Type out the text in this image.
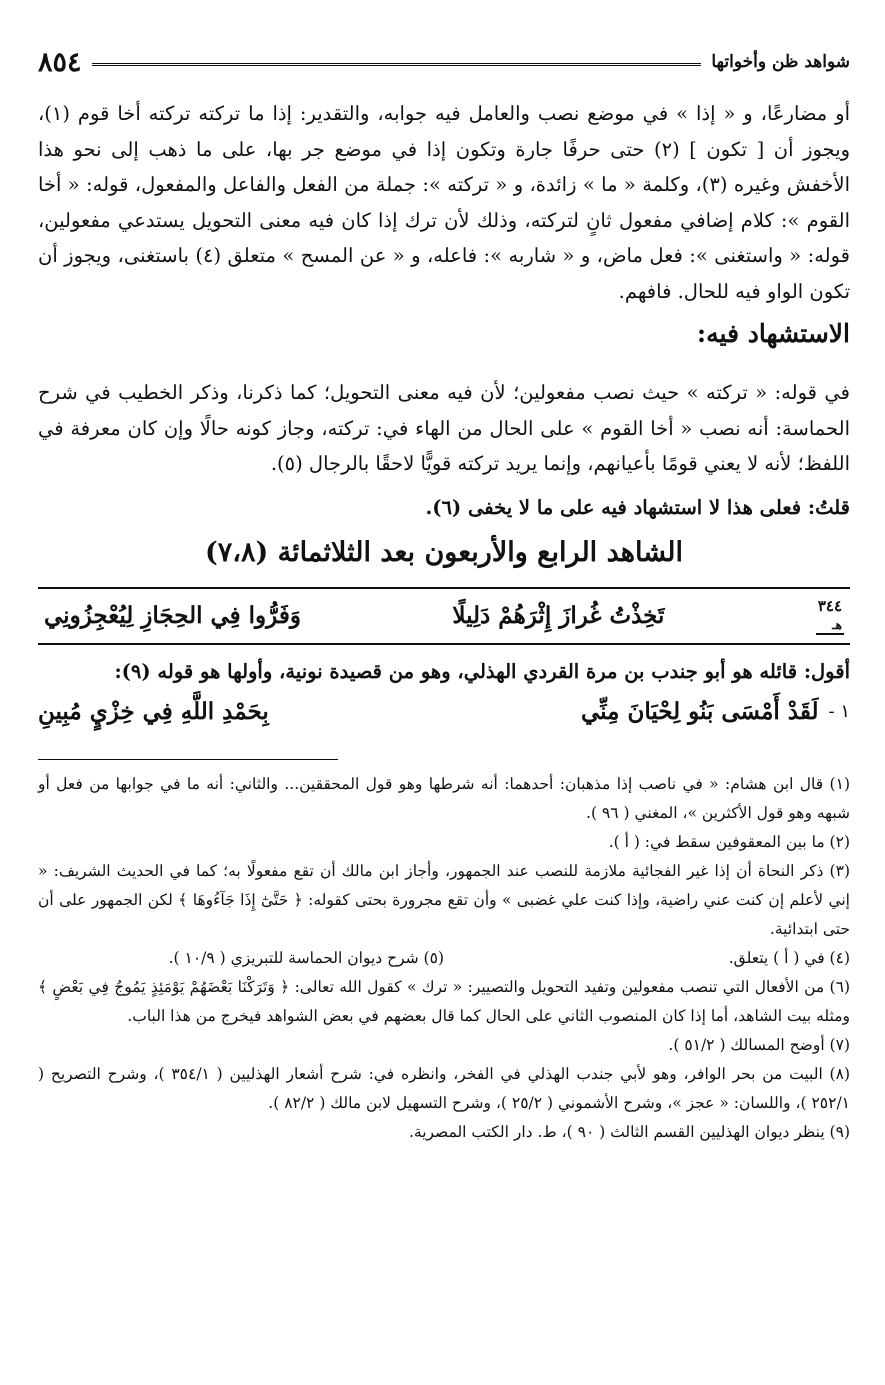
شواهد ظن وأخواتها
٨٥٤

أو مضارعًا، و « إذا » في موضع نصب والعامل فيه جوابه، والتقدير: إذا ما تركته تركته أخا قوم (١)، ويجوز أن [ تكون ] (٢) حتى حرفًا جارة وتكون إذا في موضع جر بها، على ما ذهب إلى نحو هذا الأخفش وغيره (٣)، وكلمة « ما » زائدة، و « تركته »: جملة من الفعل والفاعل والمفعول، قوله: « أخا القوم »: كلام إضافي مفعول ثانٍ لتركته، وذلك لأن ترك إذا كان فيه معنى التحويل يستدعي مفعولين، قوله: « واستغنى »: فعل ماض، و « شاربه »: فاعله، و « عن المسح » متعلق (٤) باستغنى، ويجوز أن تكون الواو فيه للحال. فافهم.

الاستشهاد فيه:

في قوله: « تركته » حيث نصب مفعولين؛ لأن فيه معنى التحويل؛ كما ذكرنا، وذكر الخطيب في شرح الحماسة: أنه نصب « أخا القوم » على الحال من الهاء في: تركته، وجاز كونه حالًا وإن كان معرفة في اللفظ؛ لأنه لا يعني قومًا بأعيانهم، وإنما يريد تركته قويًّا لاحقًا بالرجال (٥).

قلتُ: فعلى هذا لا استشهاد فيه على ما لا يخفى (٦).

الشاهد الرابع والأربعون بعد الثلاثمائة (٧،٨)
٣٤٤
هـ
تَخِذْتُ غُرازَ إِثْرَهُمْ دَلِيلًا
وَفَرُّوا فِي الحِجَازِ لِيُعْجِزُونِي

أقول: قائله هو أبو جندب بن مرة القردي الهذلي، وهو من قصيدة نونية، وأولها هو قوله (٩):

١ -
لَقَدْ أَمْسَى بَنُو لِحْيَانَ مِنِّي
بِحَمْدِ اللَّهِ فِي خِزْيٍ مُبِينِ

(١) قال ابن هشام: « في ناصب إذا مذهبان: أحدهما: أنه شرطها وهو قول المحققين... والثاني: أنه ما في جوابها من فعل أو شبهه وهو قول الأكثرين »، المغني ( ٩٦ ).

(٢) ما بين المعقوفين سقط في: ( أ ).

(٣) ذكر النحاة أن إذا غير الفجائية ملازمة للنصب عند الجمهور، وأجاز ابن مالك أن تقع مفعولًا به؛ كما في الحديث الشريف: « إني لأعلم إن كنت عني راضية، وإذا كنت علي غضبى » وأن تقع مجرورة بحتى كقوله: ﴿ حَتَّىٰٓ إِذَا جَآءُوهَا ﴾ لكن الجمهور على أن حتى ابتدائية.

(٤) في ( أ ) يتعلق.
(٥) شرح ديوان الحماسة للتبريزي ( ١٠/٩ ).

(٦) من الأفعال التي تنصب مفعولين وتفيد التحويل والتصيير: « ترك » كقول الله تعالى: ﴿ وَتَرَكْنَا بَعْضَهُمْ يَوْمَئِذٍ يَمُوجُ فِي بَعْضٍ ﴾ ومثله بيت الشاهد، أما إذا كان المنصوب الثاني على الحال كما قال بعضهم في بعض الشواهد فيخرج من هذا الباب.

(٧) أوضح المسالك ( ٥١/٢ ).

(٨) البيت من بحر الوافر، وهو لأبي جندب الهذلي في الفخر، وانظره في: شرح أشعار الهذليين ( ٣٥٤/١ )، وشرح التصريح ( ٢٥٢/١ )، واللسان: « عجز »، وشرح الأشموني ( ٢٥/٢ )، وشرح التسهيل لابن مالك ( ٨٢/٢ ).

(٩) ينظر ديوان الهذليين القسم الثالث ( ٩٠ )، ط. دار الكتب المصرية.
